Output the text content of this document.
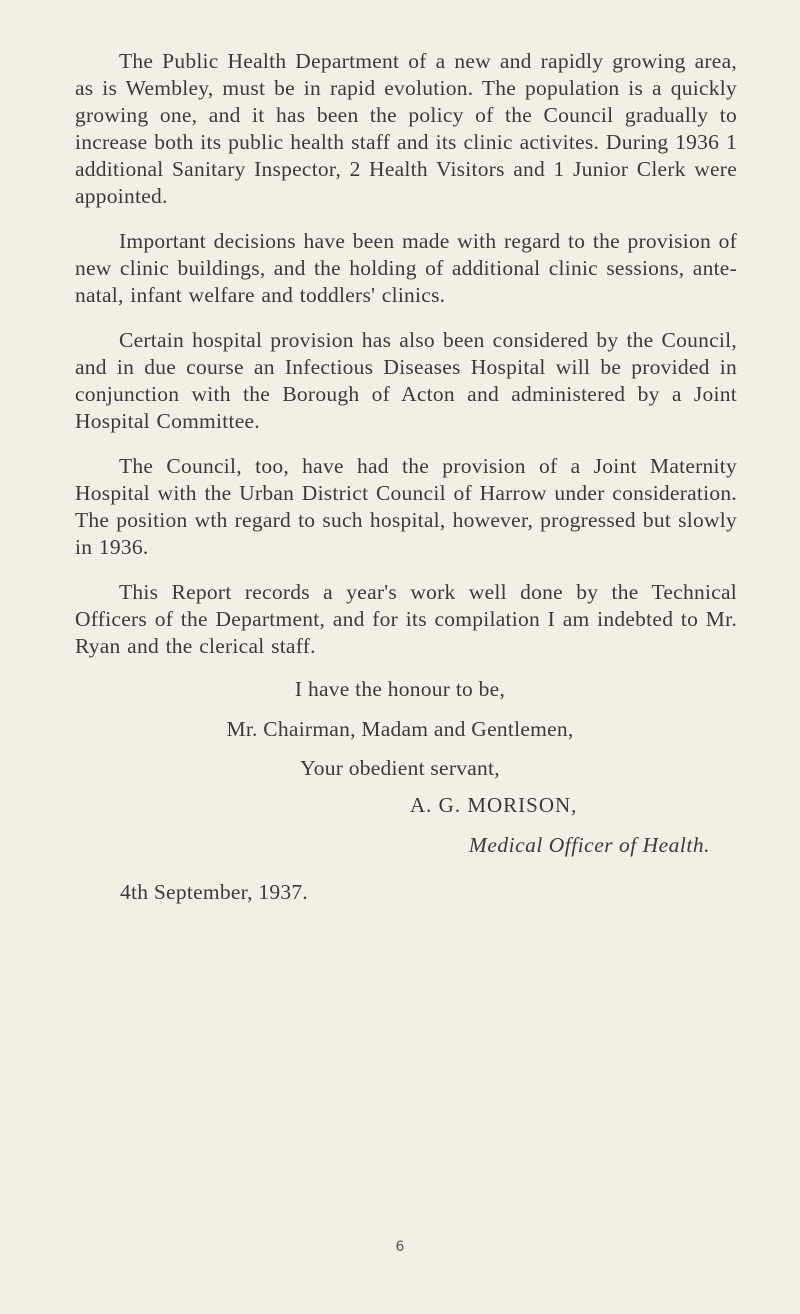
The Public Health Department of a new and rapidly growing area, as is Wembley, must be in rapid evolution. The population is a quickly growing one, and it has been the policy of the Council gradually to increase both its public health staff and its clinic activites. During 1936 1 additional Sanitary Inspector, 2 Health Visitors and 1 Junior Clerk were appointed.

Important decisions have been made with regard to the provision of new clinic buildings, and the holding of additional clinic sessions, ante-natal, infant welfare and toddlers' clinics.

Certain hospital provision has also been considered by the Council, and in due course an Infectious Diseases Hospital will be provided in conjunction with the Borough of Acton and administered by a Joint Hospital Committee.

The Council, too, have had the provision of a Joint Maternity Hospital with the Urban District Council of Harrow under consideration. The position wth regard to such hospital, however, progressed but slowly in 1936.

This Report records a year's work well done by the Technical Officers of the Department, and for its compilation I am indebted to Mr. Ryan and the clerical staff.

I have the honour to be,
Mr. Chairman, Madam and Gentlemen,
Your obedient servant,
A. G. MORISON,
Medical Officer of Health.
4th September, 1937.
6
